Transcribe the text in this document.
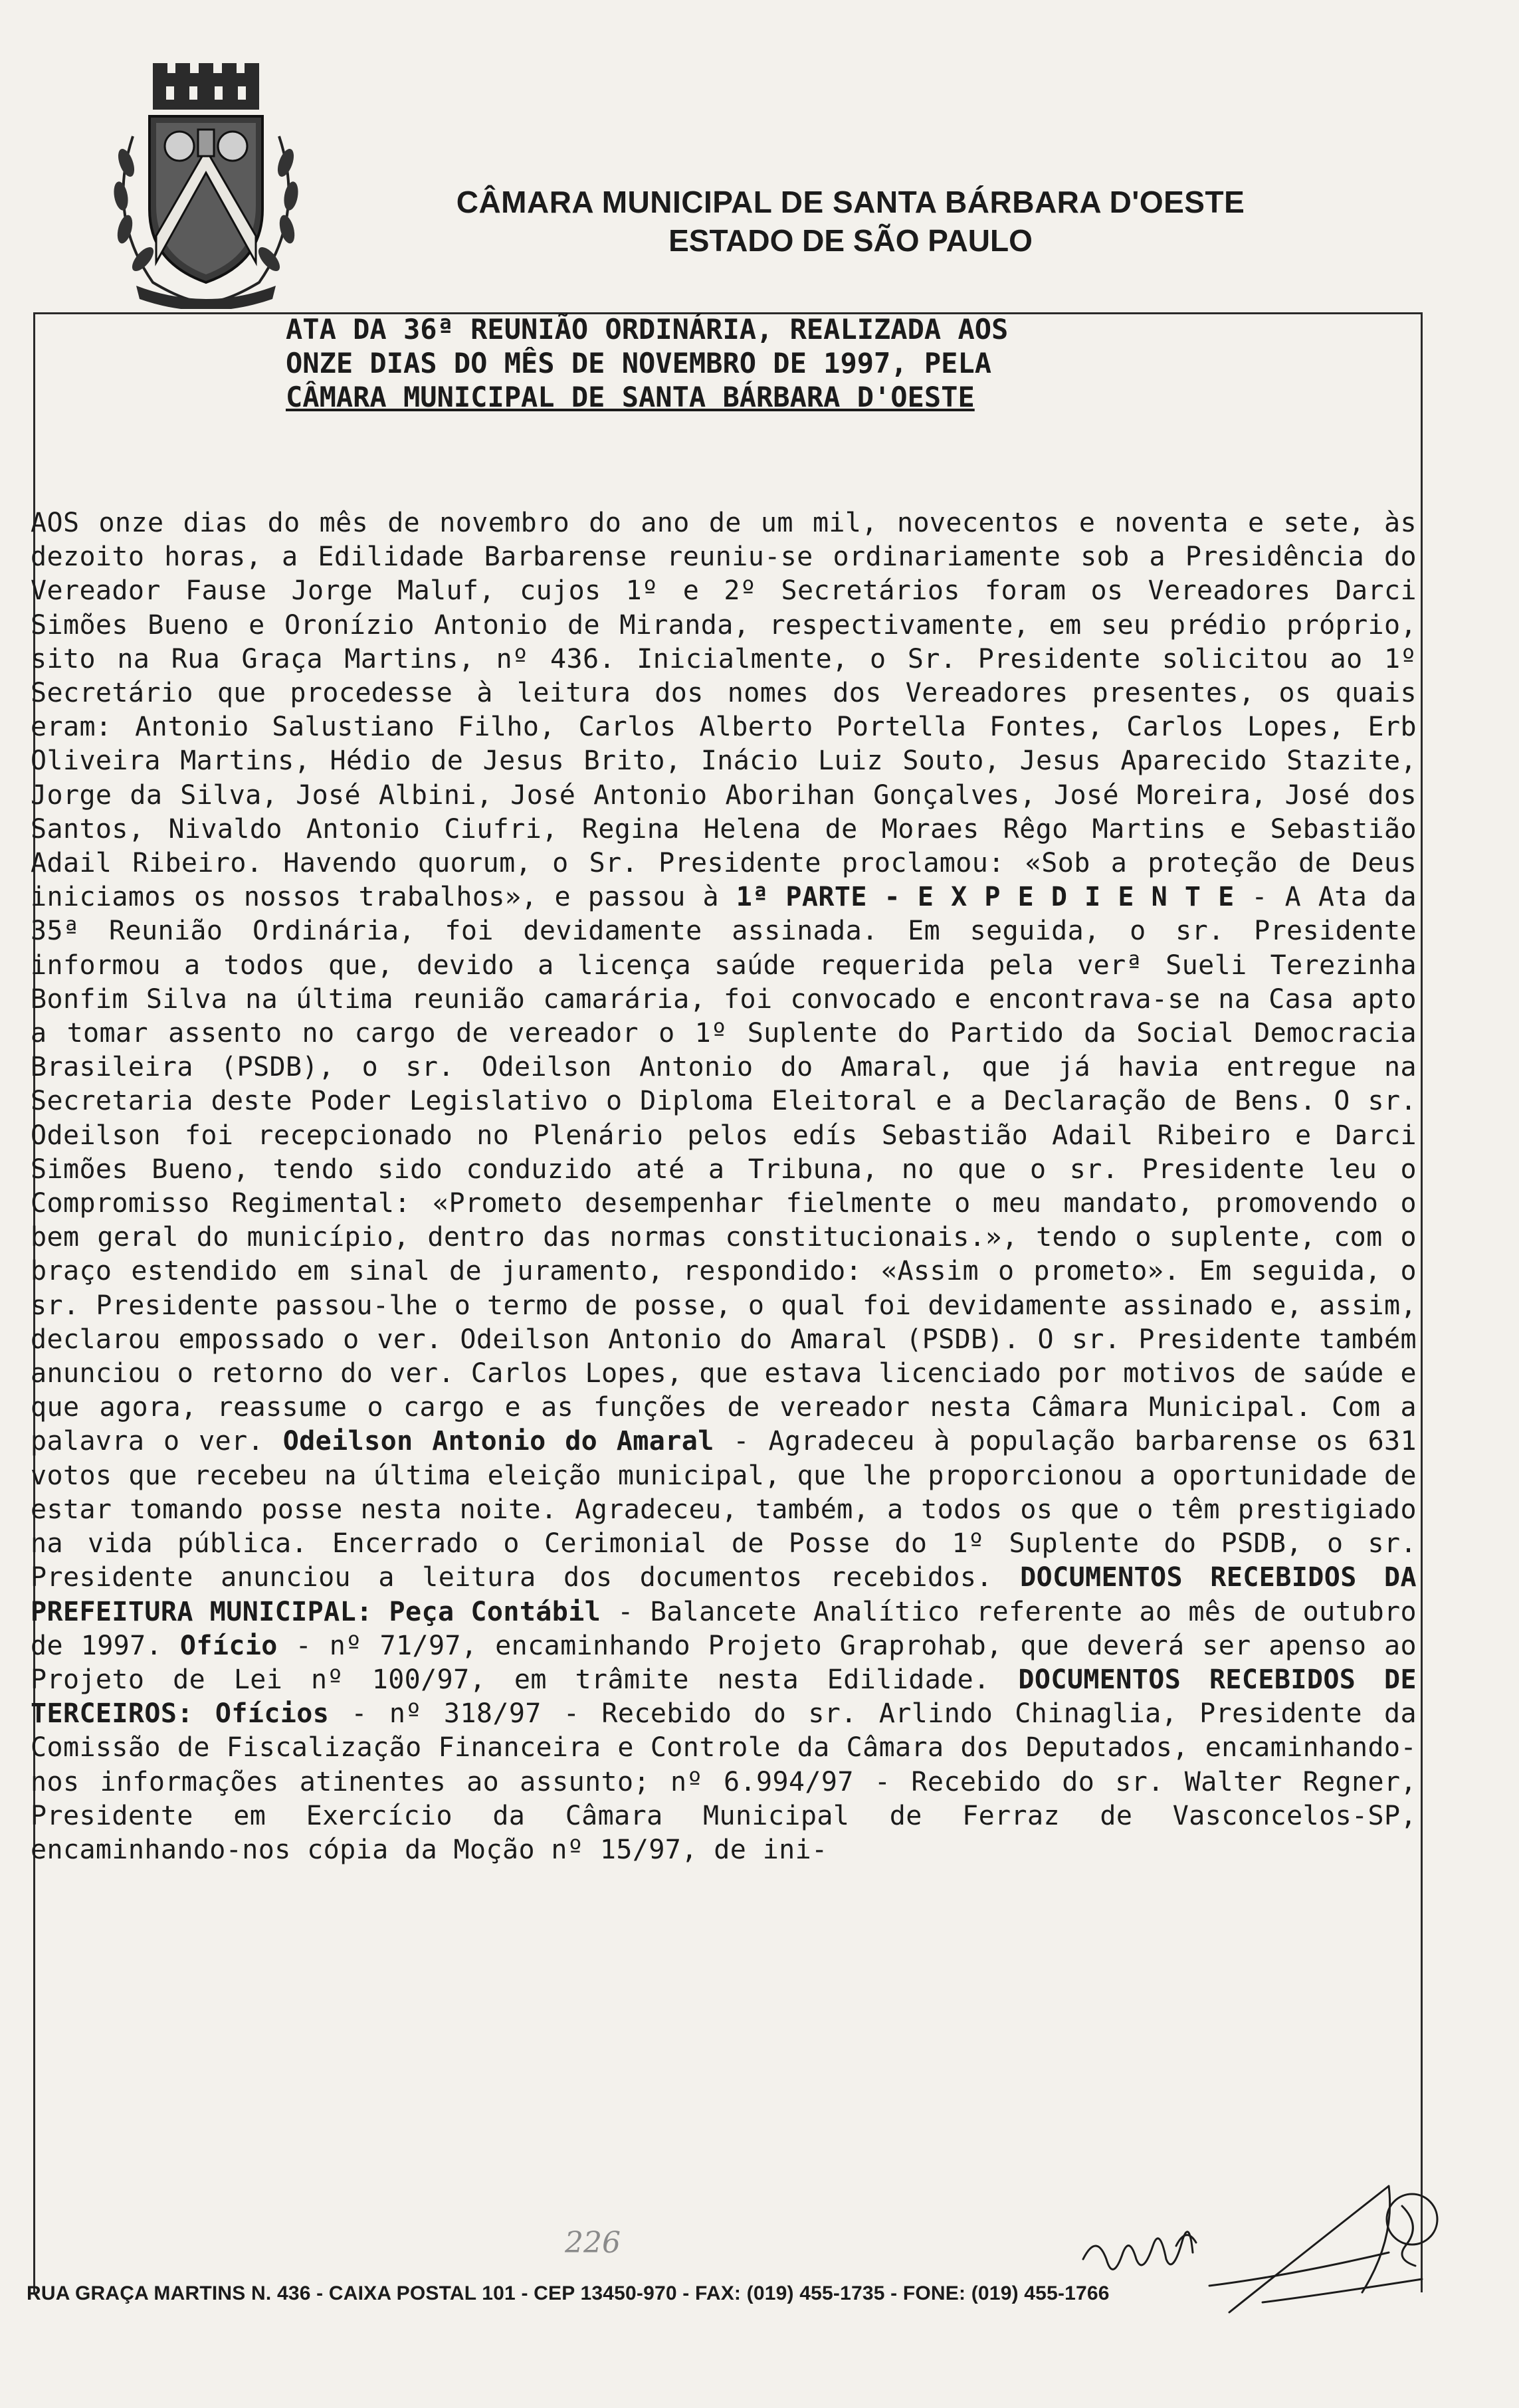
CÂMARA MUNICIPAL DE SANTA BÁRBARA D'OESTE
ESTADO DE SÃO PAULO
ATA DA 36ª REUNIÃO ORDINÁRIA, REALIZADA AOS
ONZE DIAS DO MÊS DE NOVEMBRO DE 1997, PELA
CÂMARA MUNICIPAL DE SANTA BÁRBARA D'OESTE

AOS onze dias do mês de novembro do ano de um mil, novecentos e noventa e sete, às dezoito horas, a Edilidade Barbarense reuniu-se ordinariamente sob a Presidência do Vereador Fause Jorge Maluf, cujos 1º e 2º Secretários foram os Vereadores Darci Simões Bueno e Oronízio Antonio de Miranda, respectivamente, em seu prédio próprio, sito na Rua Graça Martins, nº 436. Inicialmente, o Sr. Presidente solicitou ao 1º Secretário que procedesse à leitura dos nomes dos Vereadores presentes, os quais eram: Antonio Salustiano Filho, Carlos Alberto Portella Fontes, Carlos Lopes, Erb Oliveira Martins, Hédio de Jesus Brito, Inácio Luiz Souto, Jesus Aparecido Stazite, Jorge da Silva, José Albini, José Antonio Aborihan Gonçalves, José Moreira, José dos Santos, Nivaldo Antonio Ciufri, Regina Helena de Moraes Rêgo Martins e Sebastião Adail Ribeiro. Havendo quorum, o Sr. Presidente proclamou: «Sob a proteção de Deus iniciamos os nossos trabalhos», e passou à 1ª PARTE - E X P E D I E N T E - A Ata da 35ª Reunião Ordinária, foi devidamente assinada. Em seguida, o sr. Presidente informou a todos que, devido a licença saúde requerida pela verª Sueli Terezinha Bonfim Silva na última reunião camarária, foi convocado e encontrava-se na Casa apto a tomar assento no cargo de vereador o 1º Suplente do Partido da Social Democracia Brasileira (PSDB), o sr. Odeilson Antonio do Amaral, que já havia entregue na Secretaria deste Poder Legislativo o Diploma Eleitoral e a Declaração de Bens. O sr. Odeilson foi recepcionado no Plenário pelos edís Sebastião Adail Ribeiro e Darci Simões Bueno, tendo sido conduzido até a Tribuna, no que o sr. Presidente leu o Compromisso Regimental: «Prometo desempenhar fielmente o meu mandato, promovendo o bem geral do município, dentro das normas constitucionais.», tendo o suplente, com o braço estendido em sinal de juramento, respondido: «Assim o prometo». Em seguida, o sr. Presidente passou-lhe o termo de posse, o qual foi devidamente assinado e, assim, declarou empossado o ver. Odeilson Antonio do Amaral (PSDB). O sr. Presidente também anunciou o retorno do ver. Carlos Lopes, que estava licenciado por motivos de saúde e que agora, reassume o cargo e as funções de vereador nesta Câmara Municipal. Com a palavra o ver. Odeilson Antonio do Amaral - Agradeceu à população barbarense os 631 votos que recebeu na última eleição municipal, que lhe proporcionou a oportunidade de estar tomando posse nesta noite. Agradeceu, também, a todos os que o têm prestigiado na vida pública. Encerrado o Cerimonial de Posse do 1º Suplente do PSDB, o sr. Presidente anunciou a leitura dos documentos recebidos. DOCUMENTOS RECEBIDOS DA PREFEITURA MUNICIPAL: Peça Contábil - Balancete Analítico referente ao mês de outubro de 1997. Ofício - nº 71/97, encaminhando Projeto Graprohab, que deverá ser apenso ao Projeto de Lei nº 100/97, em trâmite nesta Edilidade. DOCUMENTOS RECEBIDOS DE TERCEIROS: Ofícios - nº 318/97 - Recebido do sr. Arlindo Chinaglia, Presidente da Comissão de Fiscalização Financeira e Controle da Câmara dos Deputados, encaminhando-nos informações atinentes ao assunto; nº 6.994/97 - Recebido do sr. Walter Regner, Presidente em Exercício da Câmara Municipal de Ferraz de Vasconcelos-SP, encaminhando-nos cópia da Moção nº 15/97, de ini-

226
RUA GRAÇA MARTINS N. 436 - CAIXA POSTAL 101 - CEP 13450-970 - FAX: (019) 455-1735 - FONE: (019) 455-1766
